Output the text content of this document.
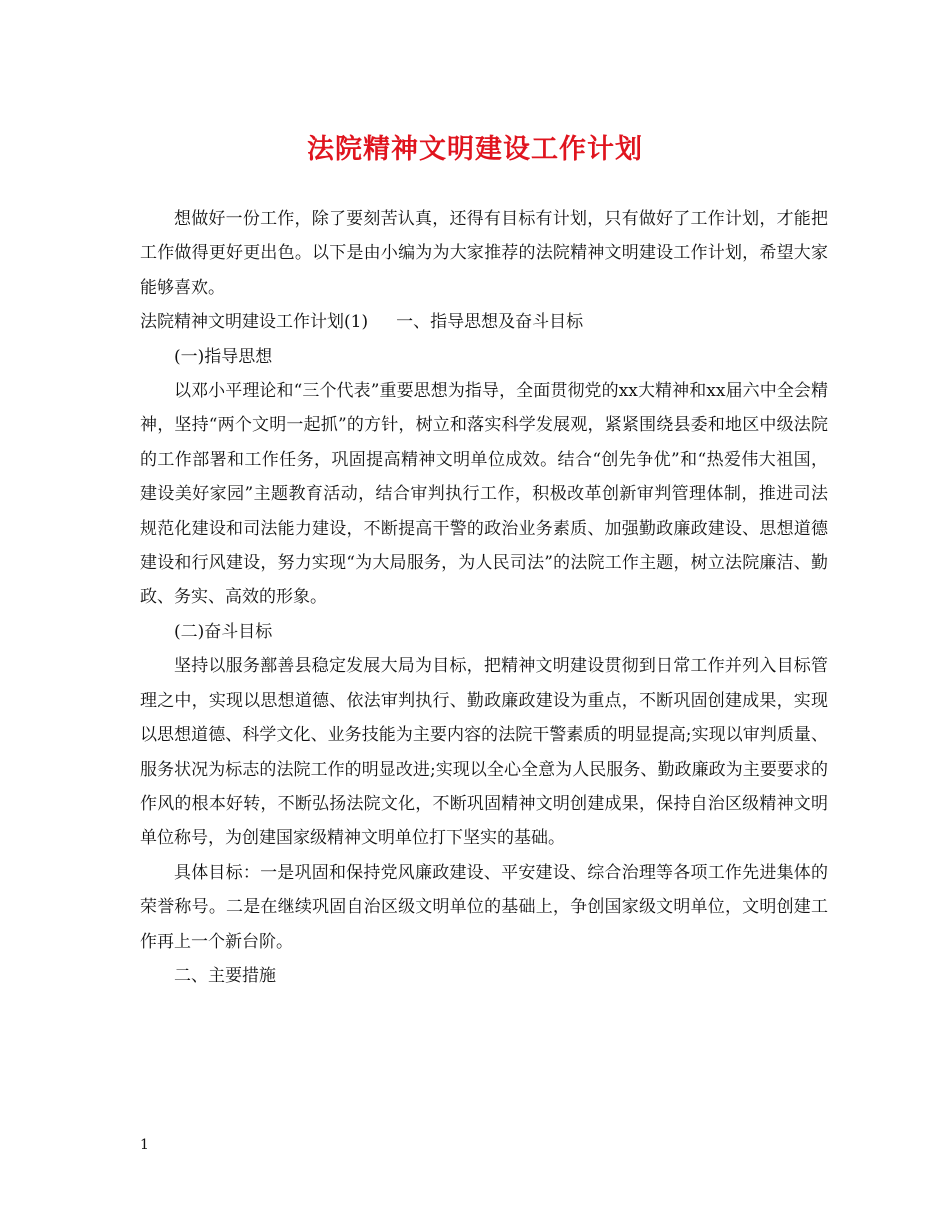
法院精神文明建设工作计划

想做好一份工作，除了要刻苦认真，还得有目标有计划，只有做好了工作计划，才能把工作做得更好更出色。以下是由小编为为大家推荐的法院精神文明建设工作计划，希望大家能够喜欢。

法院精神文明建设工作计划(1) 一、指导思想及奋斗目标

(一)指导思想

以邓小平理论和“三个代表”重要思想为指导，全面贯彻党的xx大精神和xx届六中全会精神，坚持“两个文明一起抓”的方针，树立和落实科学发展观，紧紧围绕县委和地区中级法院的工作部署和工作任务，巩固提高精神文明单位成效。结合“创先争优”和“热爱伟大祖国，建设美好家园”主题教育活动，结合审判执行工作，积极改革创新审判管理体制，推进司法规范化建设和司法能力建设，不断提高干警的政治业务素质、加强勤政廉政建设、思想道德建设和行风建设，努力实现“为大局服务，为人民司法”的法院工作主题，树立法院廉洁、勤政、务实、高效的形象。

(二)奋斗目标

坚持以服务鄯善县稳定发展大局为目标，把精神文明建设贯彻到日常工作并列入目标管理之中，实现以思想道德、依法审判执行、勤政廉政建设为重点，不断巩固创建成果，实现以思想道德、科学文化、业务技能为主要内容的法院干警素质的明显提高;实现以审判质量、服务状况为标志的法院工作的明显改进;实现以全心全意为人民服务、勤政廉政为主要要求的作风的根本好转，不断弘扬法院文化，不断巩固精神文明创建成果，保持自治区级精神文明单位称号，为创建国家级精神文明单位打下坚实的基础。

具体目标：一是巩固和保持党风廉政建设、平安建设、综合治理等各项工作先进集体的荣誉称号。二是在继续巩固自治区级文明单位的基础上，争创国家级文明单位，文明创建工作再上一个新台阶。

二、主要措施

1
